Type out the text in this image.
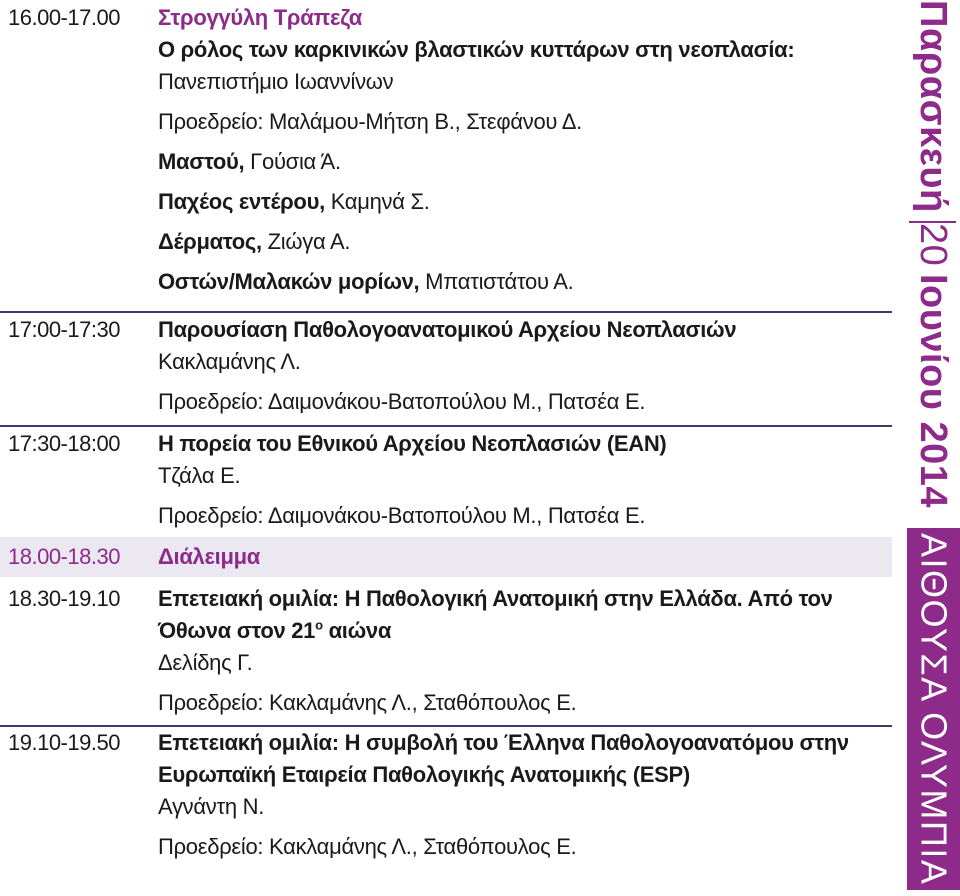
16.00-17.00 Στρογγύλη Τράπεζα
Ο ρόλος των καρκινικών βλαστικών κυττάρων στη νεοπλασία:
Πανεπιστήμιο Ιωαννίνων
Προεδρείο: Μαλάμου-Μήτση Β., Στεφάνου Δ.
Μαστού, Γούσια Ά.
Παχέος εντέρου, Καμηνά Σ.
Δέρματος, Ζιώγα Α.
Οστών/Μαλακών μορίων, Μπατιστάτου Α.
17:00-17:30 Παρουσίαση Παθολογοανατομικού Αρχείου Νεοπλασιών
Κακλαμάνης Λ.
Προεδρείο: Δαιμονάκου-Βατοπούλου Μ., Πατσέα Ε.
17:30-18:00 Η πορεία του Εθνικού Αρχείου Νεοπλασιών (ΕΑΝ)
Τζάλα Ε.
Προεδρείο: Δαιμονάκου-Βατοπούλου Μ., Πατσέα Ε.
18.00-18.30 Διάλειμμα
18.30-19.10 Επετειακή ομιλία: Η Παθολογική Ανατομική στην Ελλάδα. Από τον
Όθωνα στον $21^o$ αιώνα
Δελίδης Γ.
Προεδρείο: Κακλαμάνης Λ., Σταθόπουλος Ε.
19.10-19.50 Επετειακή ομιλία: Η συμβολή του Έλληνα Παθολογοανατόμου στην
Ευρωπαϊκή Εταιρεία Παθολογικής Ανατομικής (ESP)
Αγνάντη Ν.
Προεδρείο: Κακλαμάνης Λ., Σταθόπουλος Ε.
Παρασκευή
20
Ιουνίου 2014
ΑΙΘΟΥΣΑ ΟΛΥΜΠΙΑ
